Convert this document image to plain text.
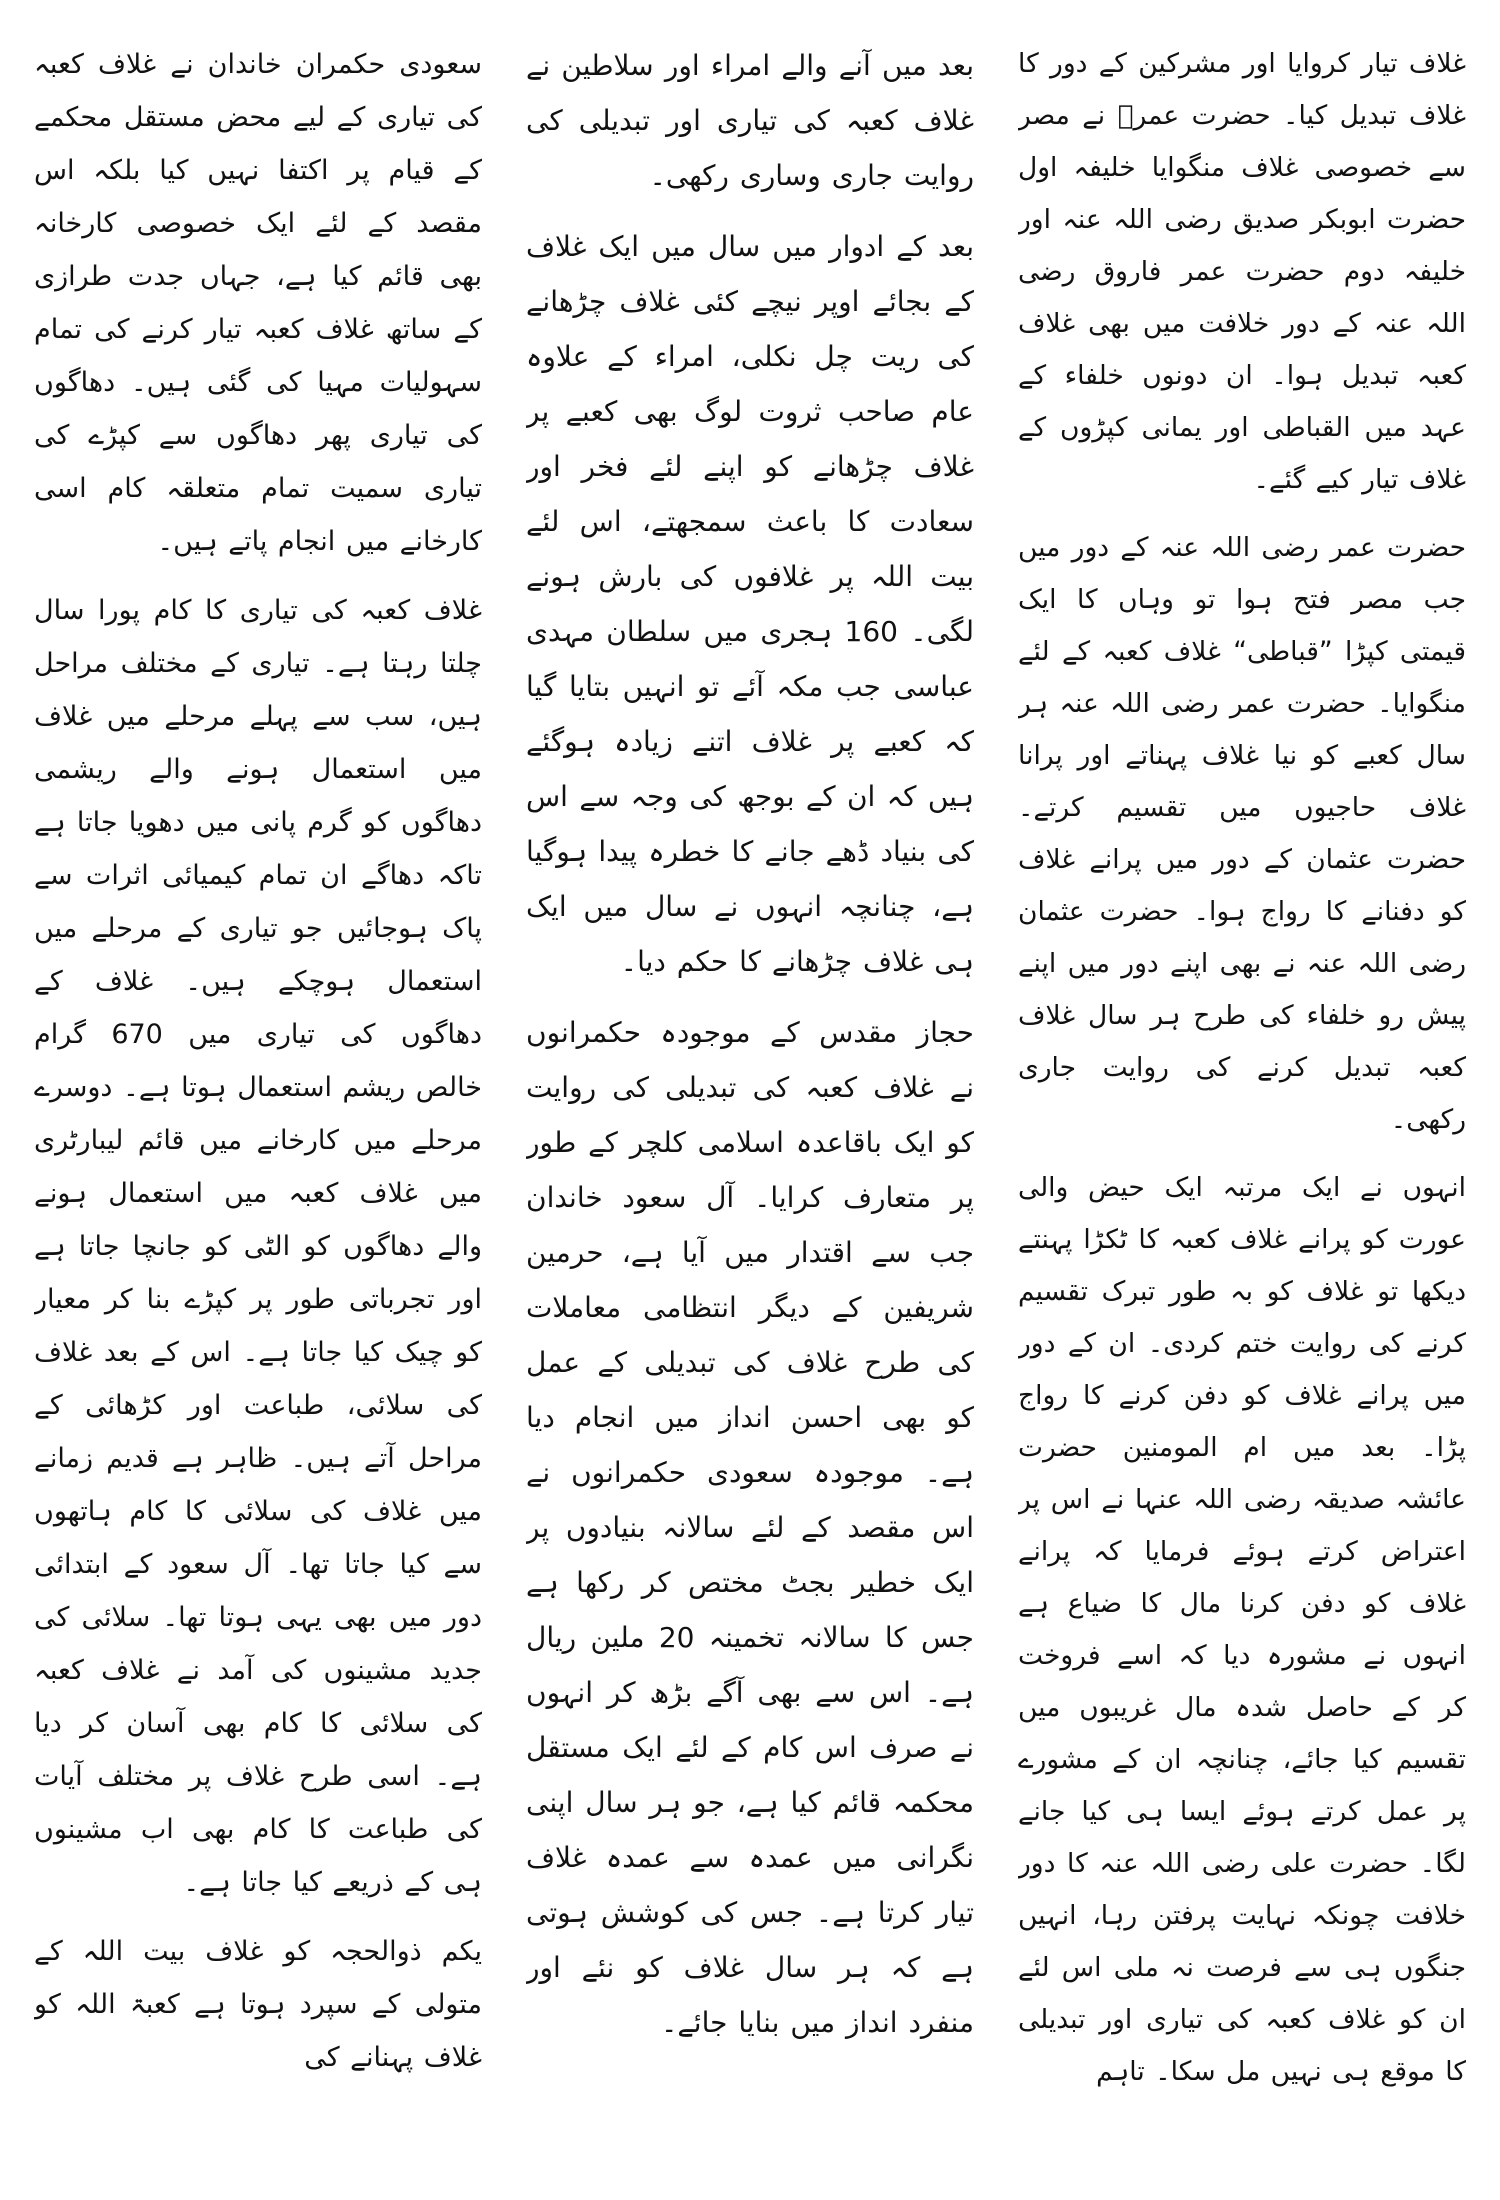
غلاف تیار کروایا اور مشرکین کے دور کا غلاف تبدیل کیا۔ حضرت عمرؓ نے مصر سے خصوصی غلاف منگوایا خلیفہ اول حضرت ابوبکر صدیق رضی اللہ عنہ اور خلیفہ دوم حضرت عمر فاروق رضی اللہ عنہ کے دور خلافت میں بھی غلاف کعبہ تبدیل ہوا۔ ان دونوں خلفاء کے عہد میں القباطی اور یمانی کپڑوں کے غلاف تیار کیے گئے۔

حضرت عمر رضی اللہ عنہ کے دور میں جب مصر فتح ہوا تو وہاں کا ایک قیمتی کپڑا ”قباطی“ غلاف کعبہ کے لئے منگوایا۔ حضرت عمر رضی اللہ عنہ ہر سال کعبے کو نیا غلاف پہناتے اور پرانا غلاف حاجیوں میں تقسیم کرتے۔ حضرت عثمان کے دور میں پرانے غلاف کو دفنانے کا رواج ہوا۔ حضرت عثمان رضی اللہ عنہ نے بھی اپنے دور میں اپنے پیش رو خلفاء کی طرح ہر سال غلاف کعبہ تبدیل کرنے کی روایت جاری رکھی۔

انہوں نے ایک مرتبہ ایک حیض والی عورت کو پرانے غلاف کعبہ کا ٹکڑا پہنتے دیکھا تو غلاف کو بہ طور تبرک تقسیم کرنے کی روایت ختم کردی۔ ان کے دور میں پرانے غلاف کو دفن کرنے کا رواج پڑا۔ بعد میں ام المومنین حضرت عائشہ صدیقہ رضی اللہ عنہا نے اس پر اعتراض کرتے ہوئے فرمایا کہ پرانے غلاف کو دفن کرنا مال کا ضیاع ہے انہوں نے مشورہ دیا کہ اسے فروخت کر کے حاصل شدہ مال غریبوں میں تقسیم کیا جائے، چنانچہ ان کے مشورے پر عمل کرتے ہوئے ایسا ہی کیا جانے لگا۔ حضرت علی رضی اللہ عنہ کا دور خلافت چونکہ نہایت پرفتن رہا، انہیں جنگوں ہی سے فرصت نہ ملی اس لئے ان کو غلاف کعبہ کی تیاری اور تبدیلی کا موقع ہی نہیں مل سکا۔ تاہم

بعد میں آنے والے امراء اور سلاطین نے غلاف کعبہ کی تیاری اور تبدیلی کی روایت جاری وساری رکھی۔

بعد کے ادوار میں سال میں ایک غلاف کے بجائے اوپر نیچے کئی غلاف چڑھانے کی ریت چل نکلی، امراء کے علاوہ عام صاحب ثروت لوگ بھی کعبے پر غلاف چڑھانے کو اپنے لئے فخر اور سعادت کا باعث سمجھتے، اس لئے بیت اللہ پر غلافوں کی بارش ہونے لگی۔ 160 ہجری میں سلطان مہدی عباسی جب مکہ آئے تو انہیں بتایا گیا کہ کعبے پر غلاف اتنے زیادہ ہوگئے ہیں کہ ان کے بوجھ کی وجہ سے اس کی بنیاد ڈھے جانے کا خطرہ پیدا ہوگیا ہے، چنانچہ انہوں نے سال میں ایک ہی غلاف چڑھانے کا حکم دیا۔

حجاز مقدس کے موجودہ حکمرانوں نے غلاف کعبہ کی تبدیلی کی روایت کو ایک باقاعدہ اسلامی کلچر کے طور پر متعارف کرایا۔ آل سعود خاندان جب سے اقتدار میں آیا ہے، حرمین شریفین کے دیگر انتظامی معاملات کی طرح غلاف کی تبدیلی کے عمل کو بھی احسن انداز میں انجام دیا ہے۔ موجودہ سعودی حکمرانوں نے اس مقصد کے لئے سالانہ بنیادوں پر ایک خطیر بجٹ مختص کر رکھا ہے جس کا سالانہ تخمینہ 20 ملین ریال ہے۔ اس سے بھی آگے بڑھ کر انہوں نے صرف اس کام کے لئے ایک مستقل محکمہ قائم کیا ہے، جو ہر سال اپنی نگرانی میں عمدہ سے عمدہ غلاف تیار کرتا ہے۔ جس کی کوشش ہوتی ہے کہ ہر سال غلاف کو نئے اور منفرد انداز میں بنایا جائے۔

سعودی حکمران خاندان نے غلاف کعبہ کی تیاری کے لیے محض مستقل محکمے کے قیام پر اکتفا نہیں کیا بلکہ اس مقصد کے لئے ایک خصوصی کارخانہ بھی قائم کیا ہے، جہاں جدت طرازی کے ساتھ غلاف کعبہ تیار کرنے کی تمام سہولیات مہیا کی گئی ہیں۔ دھاگوں کی تیاری پھر دھاگوں سے کپڑے کی تیاری سمیت تمام متعلقہ کام اسی کارخانے میں انجام پاتے ہیں۔

غلاف کعبہ کی تیاری کا کام پورا سال چلتا رہتا ہے۔ تیاری کے مختلف مراحل ہیں، سب سے پہلے مرحلے میں غلاف میں استعمال ہونے والے ریشمی دھاگوں کو گرم پانی میں دھویا جاتا ہے تاکہ دھاگے ان تمام کیمیائی اثرات سے پاک ہوجائیں جو تیاری کے مرحلے میں استعمال ہوچکے ہیں۔ غلاف کے دھاگوں کی تیاری میں 670 گرام خالص ریشم استعمال ہوتا ہے۔ دوسرے مرحلے میں کارخانے میں قائم لیبارٹری میں غلاف کعبہ میں استعمال ہونے والے دھاگوں کو الٹی کو جانچا جاتا ہے اور تجرباتی طور پر کپڑے بنا کر معیار کو چیک کیا جاتا ہے۔ اس کے بعد غلاف کی سلائی، طباعت اور کڑھائی کے مراحل آتے ہیں۔ ظاہر ہے قدیم زمانے میں غلاف کی سلائی کا کام ہاتھوں سے کیا جاتا تھا۔ آل سعود کے ابتدائی دور میں بھی یہی ہوتا تھا۔ سلائی کی جدید مشینوں کی آمد نے غلاف کعبہ کی سلائی کا کام بھی آسان کر دیا ہے۔ اسی طرح غلاف پر مختلف آیات کی طباعت کا کام بھی اب مشینوں ہی کے ذریعے کیا جاتا ہے۔

یکم ذوالحجہ کو غلاف بیت اللہ کے متولی کے سپرد ہوتا ہے کعبۃ اللہ کو غلاف پہنانے کی
